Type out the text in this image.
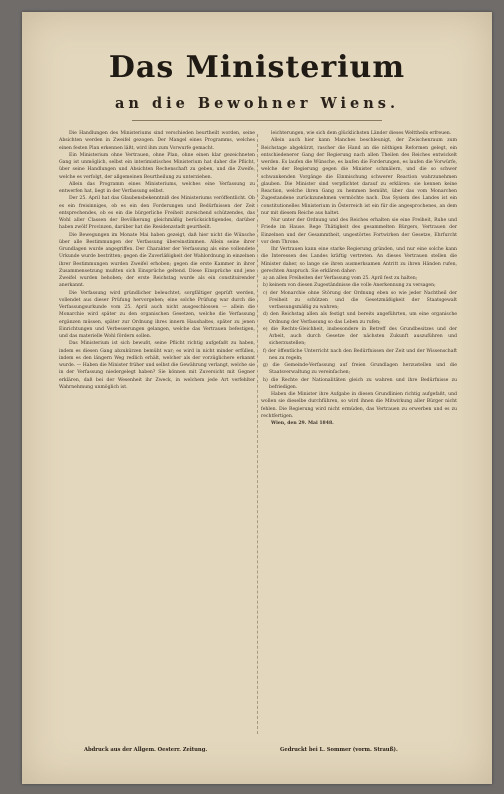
Das Ministerium
an die Bewohner Wiens.

Die Handlungen des Ministeriums sind verschieden beurtheilt worden, seine Absichten werden in Zweifel gezogen. Der Mangel eines Programms, welches einen festen Plan erkennen läßt, wird ihm zum Vorwurfe gemacht.

Ein Ministerium ohne Vertrauen, ohne Plan, ohne einen klar gezeichneten Gang ist unmöglich, selbst ein interimistisches Ministerium hat daher die Pflicht, über seine Handlungen und Absichten Rechenschaft zu geben, und die Zweife, welche es verfolgt, der allgemeinen Beurtheilung zu unterziehen.

Allein das Programm eines Ministeriums, welches eine Verfassung zu entwerfen hat, liegt in der Verfassung selbst.

Der 25. April hat das Glaubensbekenntniß des Ministeriums veröffentlicht. Ob es ein freisinniges, ob es ein den Forderungen und Bedürfnissen der Zeit entsprechendes, ob es ein die bürgerliche Freiheit zureichend schützendes, das Wohl aller Classen der Bevölkerung gleichmäßig berücksichtigendes, darüber haben zwölf Provinzen, darüber hat die Residenzstadt geurtheilt.

Die Bewegungen im Monate Mai haben gezeigt, daß hier nicht die Wünsche über alle Bestimmungen der Verfassung übereinstimmen. Allein seine ihrer Grundlagen wurde angegriffen. Der Charakter der Verfassung als eine vollendete Urkunde wurde bestritten; gegen die Zuverläßigkeit der Wahlordnung in einzelnen ihrer Bestimmungen wurden Zweifel erhoben; gegen die erste Kammer in ihrer Zusammensetzung mußten sich Einsprüche geltend. Diese Einsprüche und jene Zweifel wurden behoben; der erste Reichstag wurde als ein constituirender anerkannt.

Die Verfassung wird gründlicher beleuchtet, sorgfältiger geprüft werden, vollendet aus dieser Prüfung hervorgehen; eine solche Prüfung war durch die Verfassungsurkunde vom 25. April auch nicht ausgeschlossen — allein die Monarchie wird später zu den organischen Gesetzen, welche die Verfassung ergänzen müssen, später zur Ordnung ihres innern Haushaltes, später zu jenen Einrichtungen und Verbesserungen gelangen, welche das Vertrauen befestigen, und das materielle Wohl fördern sollen.

Das Ministerium ist sich bewußt, seine Pflicht richtig aufgefaßt zu haben, indem es diesen Gang abzukürzen bemüht war; es wird in nicht minder erfüllen, indem es den längern Weg redlich erhält, welcher als der vorzüglichere erkannt wurde. — Haben die Minister früher und selbst die Gewährung verlangt, welche sie in der Verfassung niedergelegt haben? Sie können mit Zuversicht mit Gegner erklären, daß bei der Wesenheit ihr Zweck, in welchem jede Art verfehlter Wahrnehmung unmöglich ist.

leichterungen, wie sich dem glücklichsten Länder dieses Welttheils erfreuen.

Allein auch hier kann Manches beschleunigt, der Zwischenraum zum Reichstage abgekürzt, rascher die Hand an die nöthigen Reformen gelegt, ein entschiedenerer Gang der Regierung nach allen Theilen des Reiches entwickelt werden. Es laufen die Wünsche, es laufen die Forderungen, es laufen die Vorwürfe, welche der Regierung gegen die Minister schmälern, und die so schwer schwankenden Vorgänge die Einmischung schwerer Reaction wahrzunehmen glauben. Die Minister sind verpflichtet darauf zu erklären: sie kennen keine Reaction, welche ihren Gang zu hemmen bemüht, über das vom Monarchen Zugestandene zurückzunehmen vermöchte nach. Das Sysiem des Landes ist ein constitutionelles Ministerium in Österreich ist ein für die angesprochenes, an dem nur mit diesem Reiche aus haltet.

Nur unter der Ordnung und des Reiches erhalten sie eine Freiheit, Ruhe und Friede im Hause. Rege Thätigkeit des gesammelten Bürgers, Vertrauen der Einzelnen und der Gesammtheit, ungestörtes Fortwirken der Gesetze, Ehrfurcht vor dem Throne.

Ihr Vertrauen kann eine starke Regierung gründen, und nur eine solche kann die Interessen des Landes kräftig vertreten. An dieses Vertrauen stellen die Minister daher, so lange sie ihren ausmerksamen Antritt zu ihren Händen rufen, gerechten Anspruch. Sie erklären daher:

a) an allen Freiheiten der Verfassung vom 25. April fest zu halten;
b) keinem von diesen Zugeständnisse die volle Anerkennung zu versagen;
c) der Monarchie ohne Störung der Ordnung eben so wie jeder Nachtheil der Freiheit zu schützen und die Gesetzmäßigkeit der Staatsgewalt verfassungsmäßig zu wahren;
d) den Reichstag allen als festigt und bereits angeführten, um eine organische Ordnung der Verfassung so das Leben zu rufen;
e) die Rechts-Gleichheit, insbesondere in Betreff des Grundbesitzes und der Arbeit, auch durch Gesetze der nächsten Zukunft auszuführen und sicherzustellen;
f) der öffentliche Unterricht nach den Bedürfnissen der Zeit und der Wissenschaft neu zu regeln;
g) die Gemeinde-Verfassung auf freien Grundlagen herzustellen und die Staatsverwaltung zu vereinfachen;
h) die Rechte der Nationalitäten gleich zu wahren und ihre Bedürfnisse zu befriedigen.

Haben die Minister ihre Aufgabe in diesen Grundlinien richtig aufgefaßt, und wollen sie dieselbe durchführen, so wird ihnen die Mitwirkung aller Bürger nicht fehlen. Die Regierung wird nicht ermüden, das Vertrauen zu erwerben und es zu rechtfertigen.

Wien, den 29. Mai 1848.

Abdruck aus der Allgem. Oesterr. Zeitung.	Gedruckt bei L. Sommer (vorm. Strauß).
